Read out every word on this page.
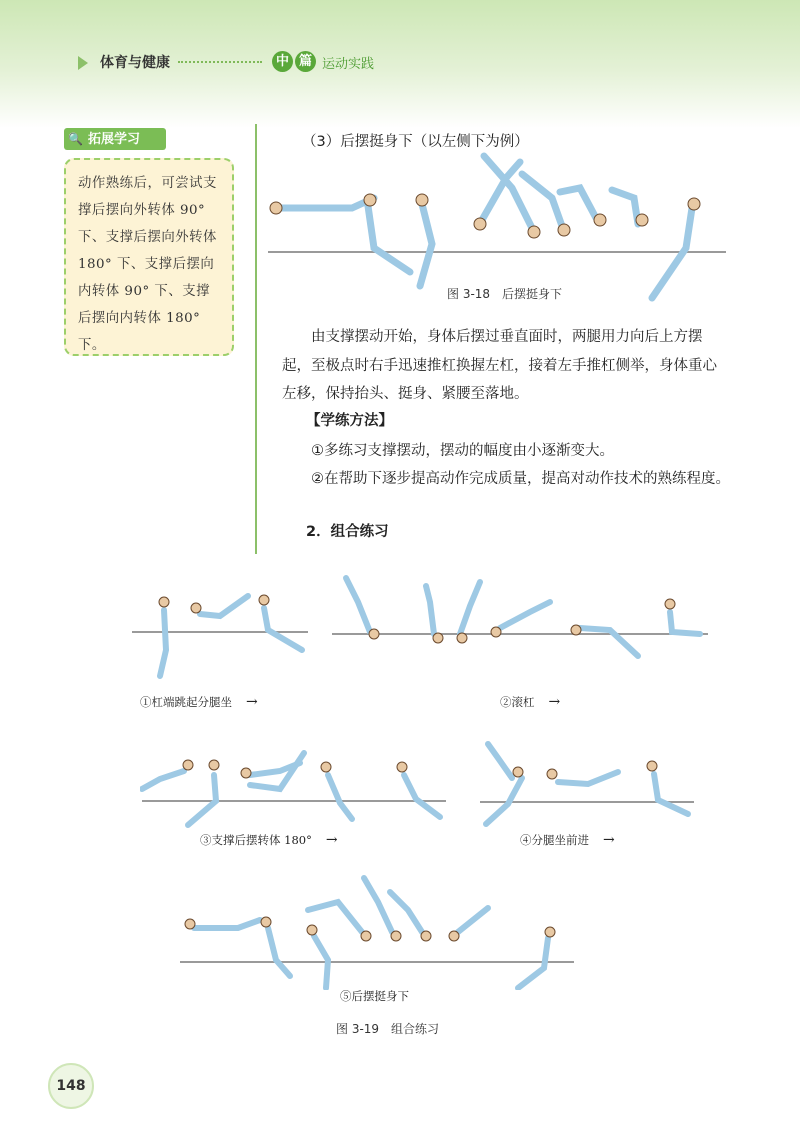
体育与健康	中 篇 运动实践
🔍 拓展学习
动作熟练后，可尝试支撑后摆向外转体 90° 下、支撑后摆向外转体 180° 下、支撑后摆向内转体 90° 下、支撑后摆向内转体 180° 下。
（3）后摆挺身下（以左侧下为例）
图 3-18　后摆挺身下

由支撑摆动开始，身体后摆过垂直面时，两腿用力向后上方摆起，至极点时右手迅速推杠换握左杠，接着左手推杠侧举，身体重心左移，保持抬头、挺身、紧腰至落地。

【学练方法】

①多练习支撑摆动，摆动的幅度由小逐渐变大。

②在帮助下逐步提高动作完成质量，提高对动作技术的熟练程度。

2．组合练习
①杠端跳起分腿坐 →	②滚杠 →
③支撑后摆转体 180° →	④分腿坐前进 →
⑤后摆挺身下
图 3-19　组合练习
148
